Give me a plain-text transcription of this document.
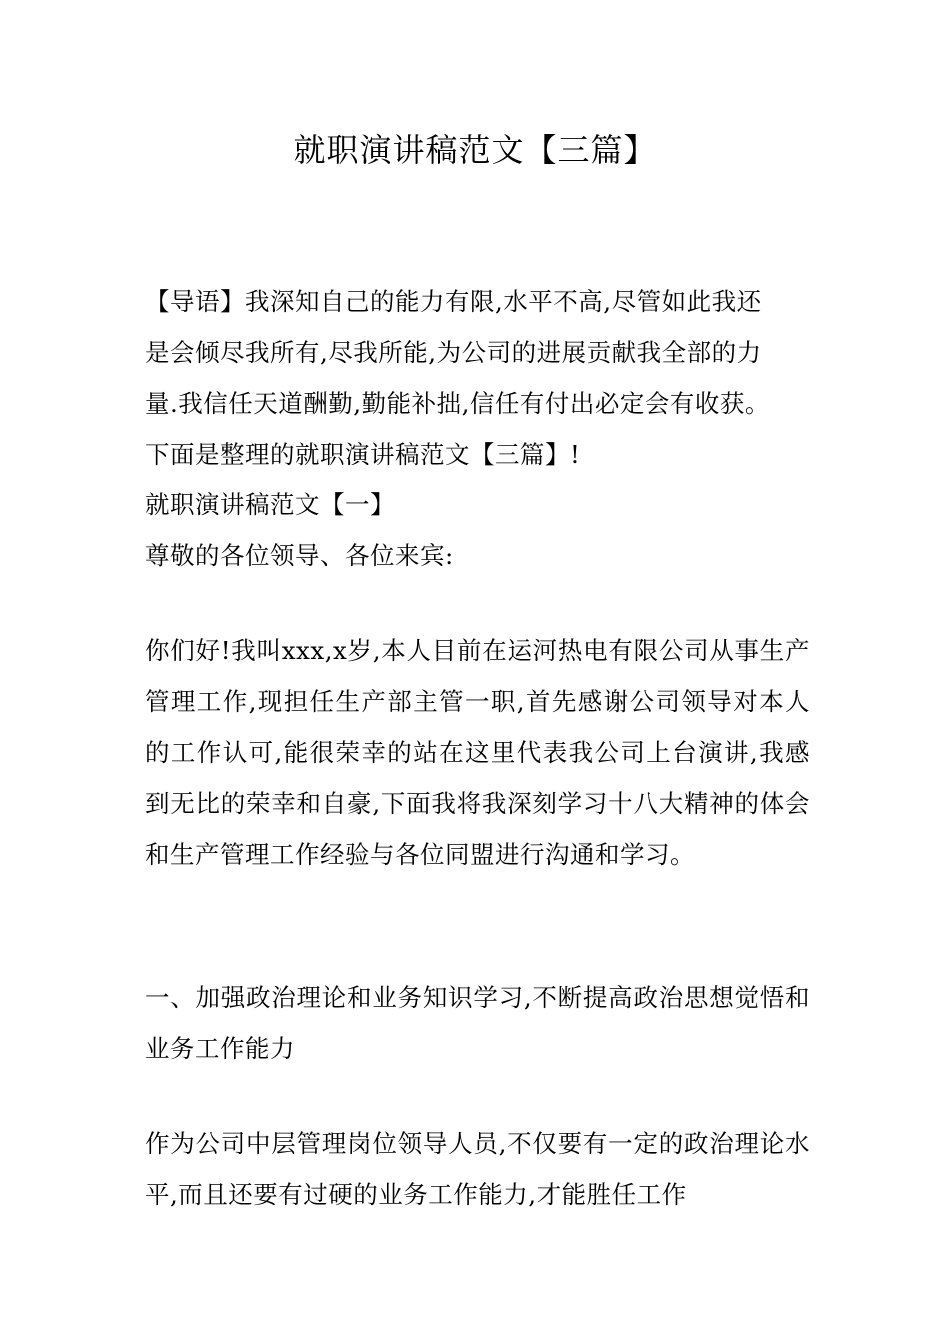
就职演讲稿范文【三篇】
【导语】我深知自己的能力有限,水平不高,尽管如此我还
是会倾尽我所有,尽我所能,为公司的进展贡献我全部的力
量.我信任天道酬勤,勤能补拙,信任有付出必定会有收获。
下面是整理的就职演讲稿范文【三篇】!

就职演讲稿范文【一】

尊敬的各位领导、各位来宾:

你们好!我叫xxx,x岁,本人目前在运河热电有限公司从事生产管理工作,现担任生产部主管一职,首先感谢公司领导对本人的工作认可,能很荣幸的站在这里代表我公司上台演讲,我感到无比的荣幸和自豪,下面我将我深刻学习十八大精神的体会和生产管理工作经验与各位同盟进行沟通和学习。

一、加强政治理论和业务知识学习,不断提高政治思想觉悟和业务工作能力

作为公司中层管理岗位领导人员,不仅要有一定的政治理论水平,而且还要有过硬的业务工作能力,才能胜任工作
